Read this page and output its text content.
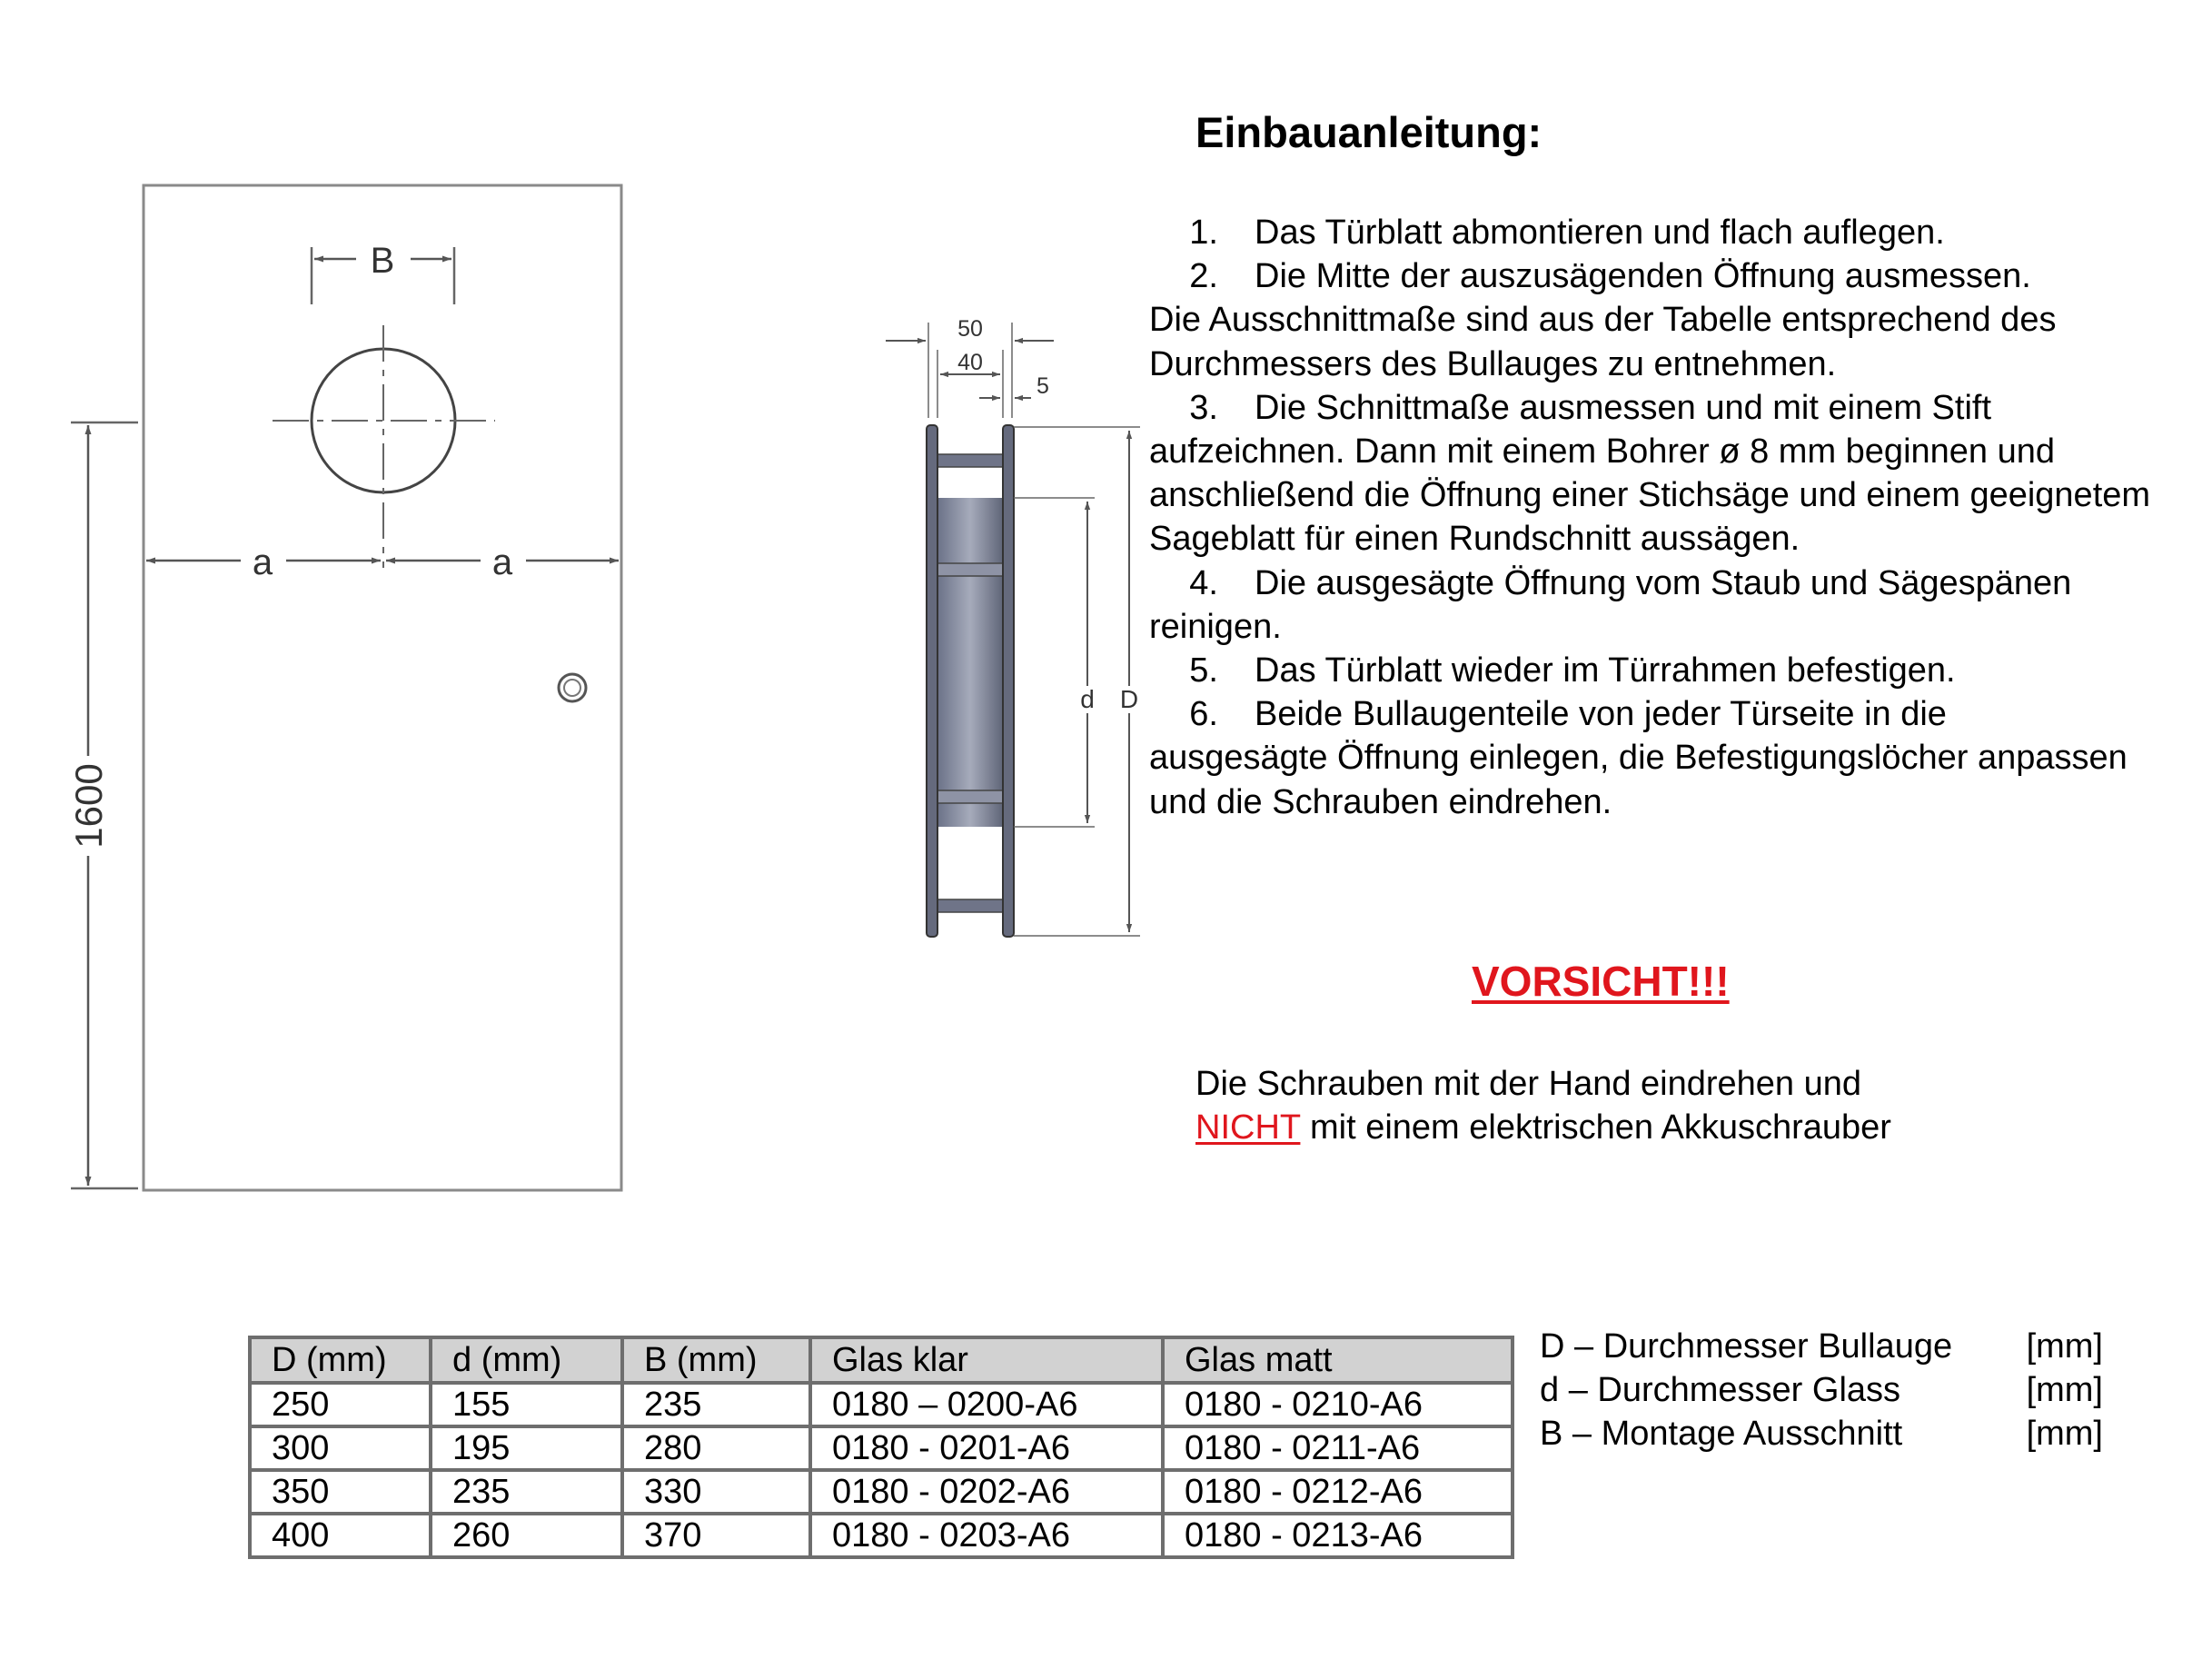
B
a	a
1600
50
40
5
d D
Einbauanleitung:

1. Das Türblatt abmontieren und flach auflegen.

2. Die Mitte der auszusägenden Öffnung ausmessen.

Die Ausschnittmaße sind aus der Tabelle entsprechend des Durchmessers des Bullauges zu entnehmen.

3. Die Schnittmaße ausmessen und mit einem Stift

aufzeichnen. Dann mit einem Bohrer ø 8 mm beginnen und anschließend die Öffnung einer Stichsäge und einem geeignetem Sageblatt für einen Rundschnitt aussägen.

4. Die ausgesägte Öffnung vom Staub und Sägespänen

reinigen.

5. Das Türblatt wieder im Türrahmen befestigen.

6. Beide Bullaugenteile von jeder Türseite in die

ausgesägte Öffnung einlegen, die Befestigungslöcher anpassen und die Schrauben eindrehen.

VORSICHT!!!
Die Schrauben mit der Hand eindrehen und
NICHT mit einem elektrischen Akkuschrauber
D (mm)	d (mm)	B (mm)	Glas klar	Glas matt
250	155	235	0180 – 0200-A6	0180 - 0210-A6
300	195	280	0180 - 0201-A6	0180 - 0211-A6
350	235	330	0180 - 0202-A6	0180 - 0212-A6
400	260	370	0180 - 0203-A6	0180 - 0213-A6
D – Durchmesser Bullauge [mm]
d – Durchmesser Glass	[mm]
B – Montage Ausschnitt	[mm]
